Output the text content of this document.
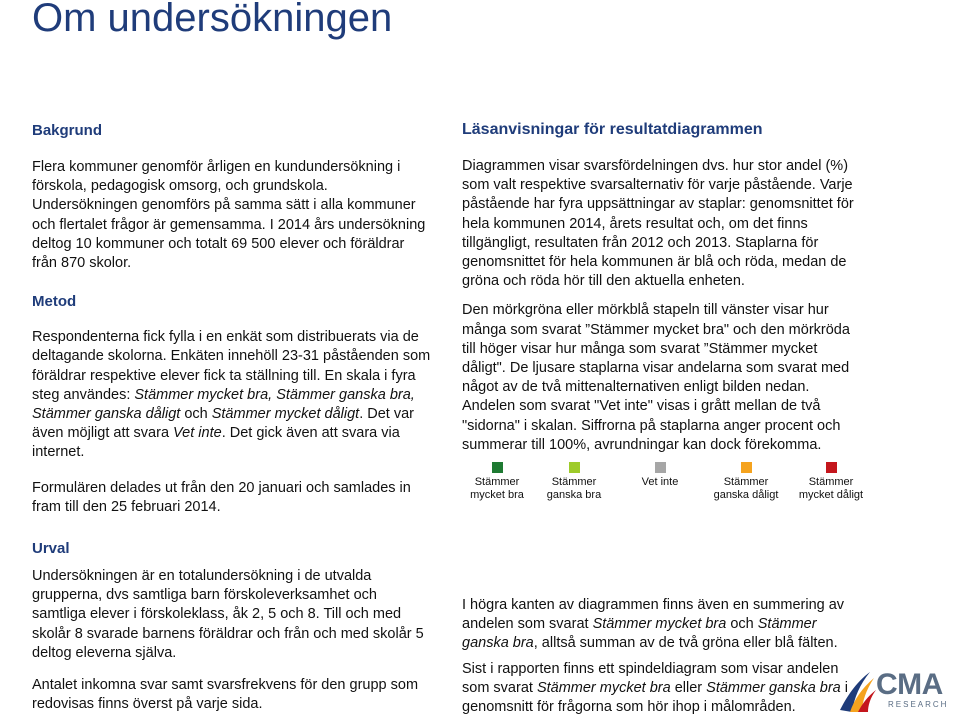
Om undersökningen
Bakgrund

Flera kommuner genomför årligen en kundundersökning i förskola, pedagogisk omsorg, och grundskola. Undersökningen genomförs på samma sätt i alla kommuner och flertalet frågor är gemensamma. I 2014 års undersökning deltog 10 kommuner och totalt 69 500 elever och föräldrar från 870 skolor.

Metod

Respondenterna fick fylla i en enkät som distribuerats via de deltagande skolorna. Enkäten innehöll 23-31 påståenden som föräldrar respektive elever fick ta ställning till. En skala i fyra steg användes: Stämmer mycket bra, Stämmer ganska bra, Stämmer ganska dåligt och Stämmer mycket dåligt. Det var även möjligt att svara Vet inte. Det gick även att svara via internet.

Formulären delades ut från den 20 januari och samlades in fram till den 25 februari 2014.

Urval

Undersökningen är en totalundersökning i de utvalda grupperna, dvs samtliga barn förskoleverksamhet och samtliga elever i förskoleklass, åk 2, 5 och 8. Till och med skolår 8 svarade barnens föräldrar och från och med skolår 5 deltog eleverna själva.

Antalet inkomna svar samt svarsfrekvens för den grupp som redovisas finns överst på varje sida.

Läsanvisningar för resultatdiagrammen

Diagrammen visar svarsfördelningen dvs. hur stor andel (%) som valt respektive svarsalternativ för varje påstående. Varje påstående har fyra uppsättningar av staplar: genomsnittet för hela kommunen 2014, årets resultat och, om det finns tillgängligt, resultaten från 2012 och 2013. Staplarna för genomsnittet för hela kommunen är blå och röda, medan de gröna och röda hör till den aktuella enheten.

Den mörkgröna eller mörkblå stapeln till vänster visar hur många som svarat ”Stämmer mycket bra" och den mörkröda till höger visar hur många som svarat ”Stämmer mycket dåligt". De ljusare staplarna visar andelarna som svarat med något av de två mittenalternativen enligt bilden nedan. Andelen som svarat "Vet inte" visas i grått mellan de två "sidorna" i skalan. Siffrorna på staplarna anger procent och summerar till 100%, avrundningar kan dock förekomma.

Stämmer
mycket bra
Stämmer
ganska bra
Vet inte	Stämmer
ganska dåligt
Stämmer
mycket dåligt

I högra kanten av diagrammen finns även en summering av andelen som svarat Stämmer mycket bra och Stämmer ganska bra, alltså summan av de två gröna eller blå fälten.

Sist i rapporten finns ett spindeldiagram som visar andelen som svarat Stämmer mycket bra eller Stämmer ganska bra i genomsnitt för frågorna som hör ihop i målområden.

CMA
RESEARCH
